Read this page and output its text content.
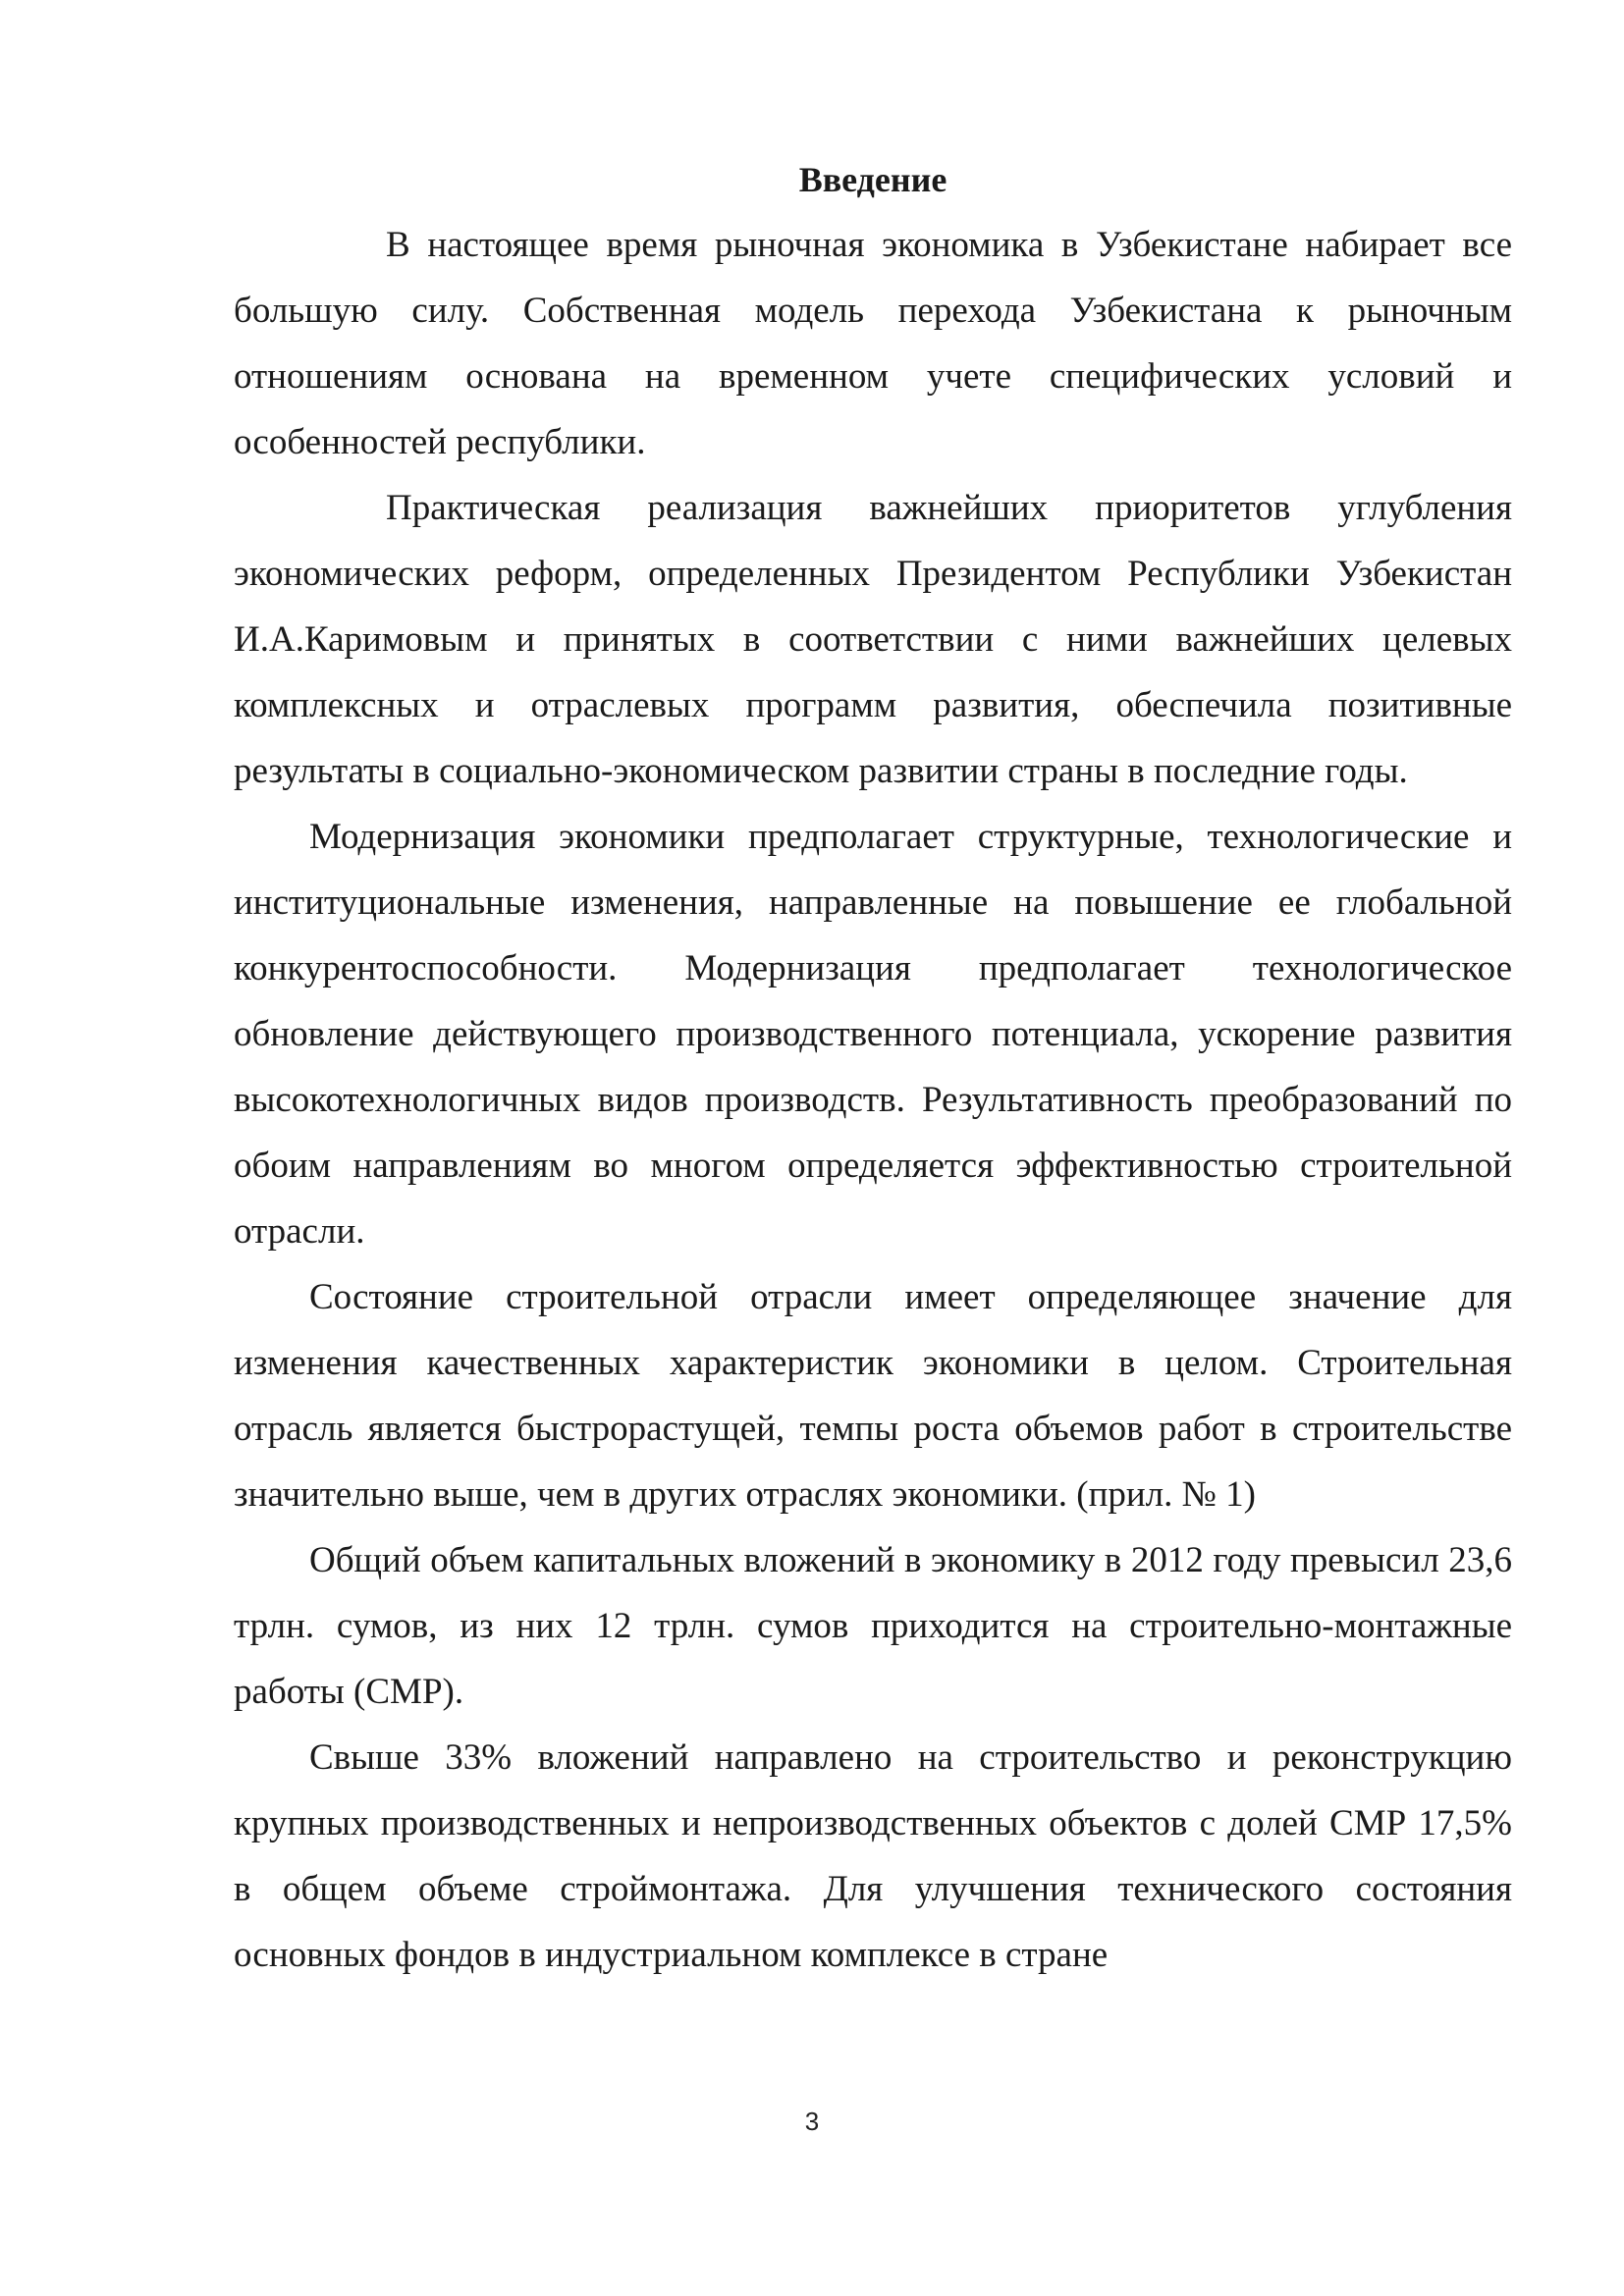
Введение

В настоящее время рыночная экономика в Узбекистане набирает все большую силу. Собственная модель перехода Узбекистана к рыночным отношениям основана на временном учете специфических условий и особенностей республики.

Практическая реализация важнейших приоритетов углубления экономических реформ, определенных Президентом Республики Узбекистан И.А.Каримовым и принятых в соответствии с ними важнейших целевых комплексных и отраслевых программ развития, обеспечила позитивные результаты в социально-экономическом развитии страны в последние годы.

Модернизация экономики предполагает структурные, технологические и институциональные изменения, направленные на повышение ее глобальной конкурентоспособности. Модернизация предполагает технологическое обновление действующего производственного потенциала, ускорение развития высокотехнологичных видов производств. Результативность преобразований по обоим направлениям во многом определяется эффективностью строительной отрасли.

Состояние строительной отрасли имеет определяющее значение для изменения качественных характеристик экономики в целом. Строительная отрасль является быстрорастущей, темпы роста объемов работ в строительстве значительно выше, чем в других отраслях экономики. (прил. № 1)

Общий объем капитальных вложений в экономику в 2012 году превысил 23,6 трлн. сумов, из них 12 трлн. сумов приходится на строительно-монтажные работы (СМР).

Свыше 33% вложений направлено на строительство и реконструкцию крупных производственных и непроизводственных объектов с долей СМР 17,5% в общем объеме строймонтажа. Для улучшения технического состояния основных фондов в индустриальном комплексе в стране

3
